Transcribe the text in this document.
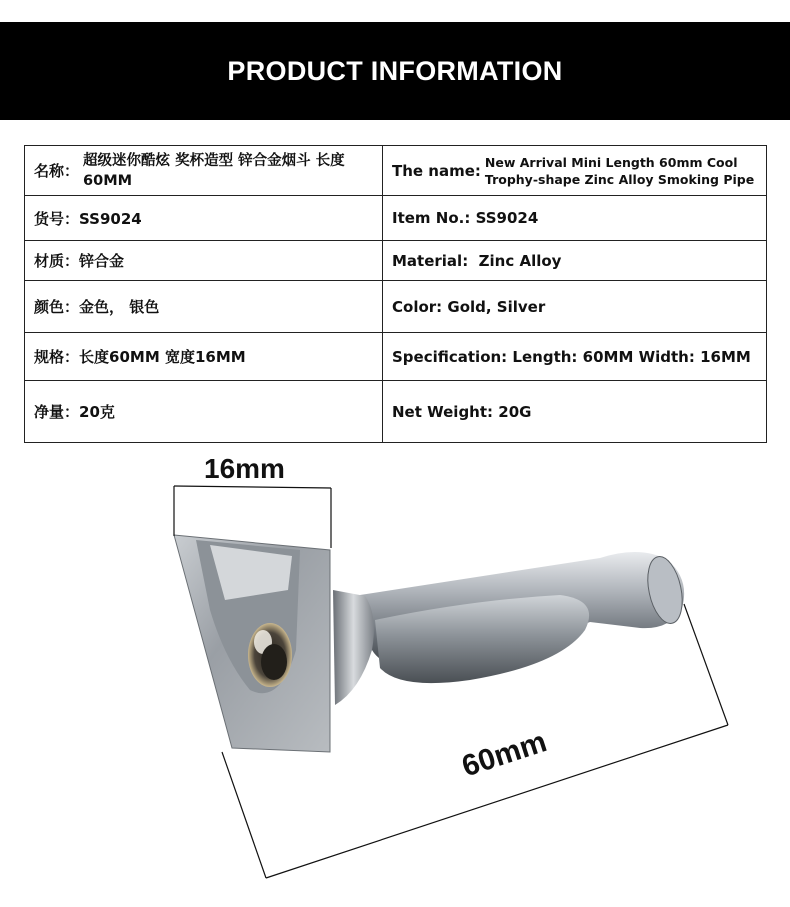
PRODUCT INFORMATION
名称：
超级迷你酷炫 奖杯造型 锌合金烟斗 长度60MM	The name: New Arrival Mini Length 60mm Cool Trophy-shape Zinc Alloy Smoking Pipe

货号：SS9024	Item No.: SS9024
材质：锌合金	Material: Zinc Alloy
颜色：金色， 银色	Color: Gold, Silver
规格：长度60MM 宽度16MM	Specification: Length: 60MM Width: 16MM
净量：20克	Net Weight: 20G
16mm
60mm
